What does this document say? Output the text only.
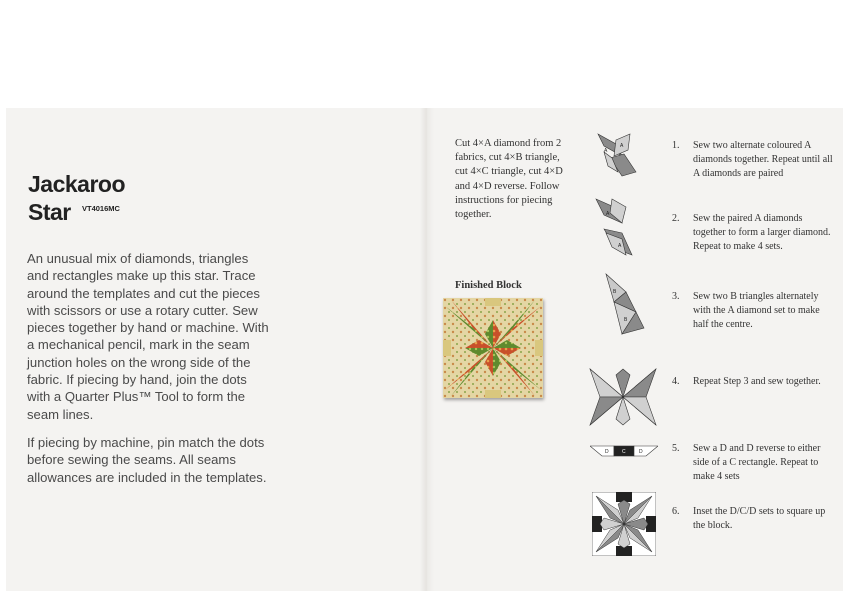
Jackaroo
Star VT4016MC

An unusual mix of diamonds, triangles and rectangles make up this star. Trace around the templates and cut the pieces with scissors or use a rotary cutter. Sew pieces together by hand or machine. With a mechanical pencil, mark in the seam junction holes on the wrong side of the fabric. If piecing by hand, join the dots with a Quarter Plus™ Tool to form the seam lines.

If piecing by machine, pin match the dots before sewing the seams. All seams allowances are included in the templates.

Cut 4×A diamond from 2 fabrics, cut 4×B triangle, cut 4×C triangle, cut 4×D and 4×D reverse. Follow instructions for piecing together.

Finished Block

A
A
A
A
B
B
D	C	D
1. Sew two alternate coloured A diamonds together. Repeat until all A diamonds are paired

2. Sew the paired A diamonds together to form a larger diamond. Repeat to make 4 sets.

3. Sew two B triangles alternately with the A diamond set to make half the centre.

4. Repeat Step 3 and sew together.

5. Sew a D and D reverse to either side of a C rectangle. Repeat to make 4 sets

6. Inset the D/C/D sets to square up the block.
